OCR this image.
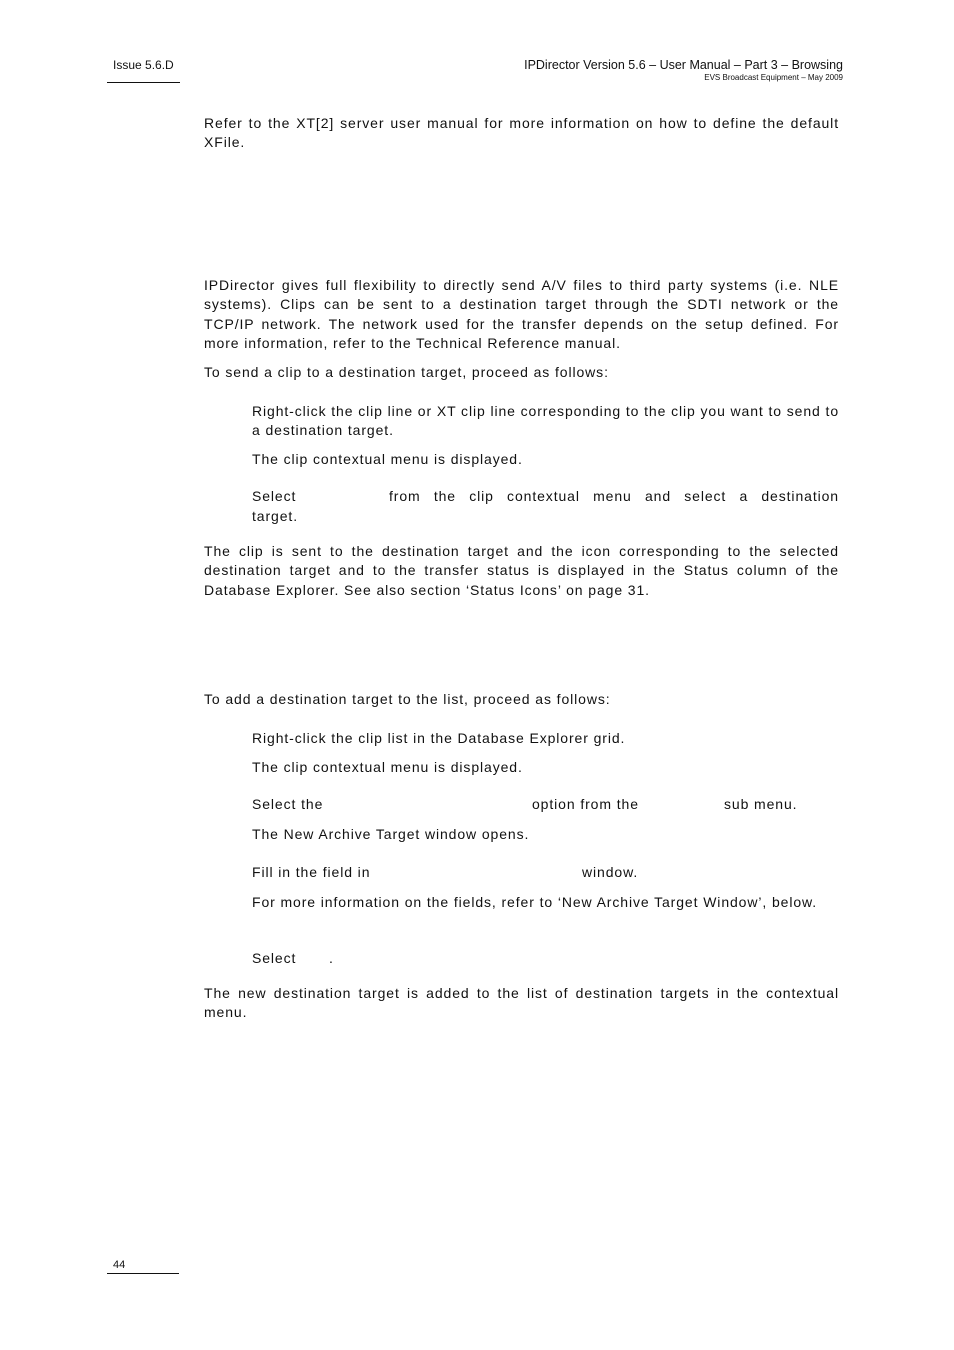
Issue 5.6.D	IPDirector Version 5.6 – User Manual – Part 3 – Browsing
EVS Broadcast Equipment – May 2009

Refer to the XT[2] server user manual for more information on how to define the default XFile.

IPDirector gives full flexibility to directly send A/V files to third party systems (i.e. NLE systems). Clips can be sent to a destination target through the SDTI network or the TCP/IP network. The network used for the transfer depends on the setup defined. For more information, refer to the Technical Reference manual.

To send a clip to a destination target, proceed as follows:

Right-click the clip line or XT clip line corresponding to the clip you want to send to a destination target.

The clip contextual menu is displayed.

Select	from the clip contextual menu and select a destination
target.

The clip is sent to the destination target and the icon corresponding to the selected destination target and to the transfer status is displayed in the Status column of the Database Explorer. See also section ‘Status Icons’ on page 31.

To add a destination target to the list, proceed as follows:

Right-click the clip list in the Database Explorer grid.

The clip contextual menu is displayed.

Select the	option from the	sub menu.

The New Archive Target window opens.

Fill in the field in	window.

For more information on the fields, refer to ‘New Archive Target Window’, below.

Select .

The new destination target is added to the list of destination targets in the contextual menu.

44
